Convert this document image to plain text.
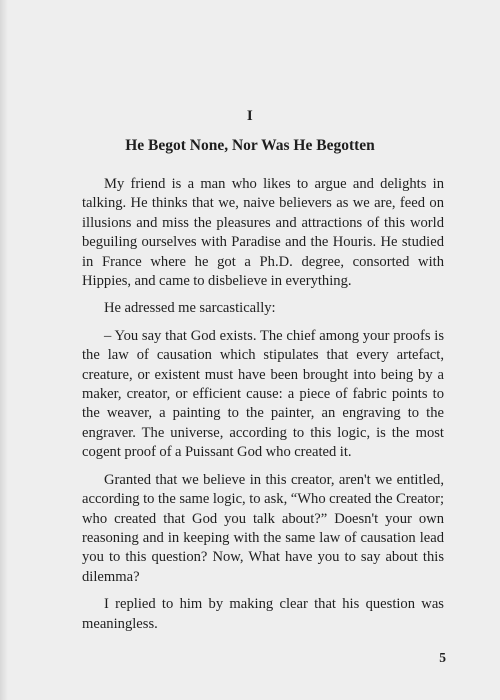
I
He Begot None, Nor Was He Begotten

My friend is a man who likes to argue and delights in talking. He thinks that we, naive believers as we are, feed on illusions and miss the pleasures and attractions of this world beguiling ourselves with Paradise and the Houris. He studied in France where he got a Ph.D. degree, consorted with Hippies, and came to disbelieve in everything.

He adressed me sarcastically:

– You say that God exists. The chief among your proofs is the law of causation which stipulates that every artefact, creature, or existent must have been brought into being by a maker, creator, or efficient cause: a piece of fabric points to the weaver, a painting to the painter, an engraving to the engraver. The universe, according to this logic, is the most cogent proof of a Puissant God who created it.

Granted that we believe in this creator, aren't we entitled, according to the same logic, to ask, “Who created the Creator; who created that God you talk about?” Doesn't your own reasoning and in keeping with the same law of causation lead you to this question? Now, What have you to say about this dilemma?

I replied to him by making clear that his question was meaningless.

5
